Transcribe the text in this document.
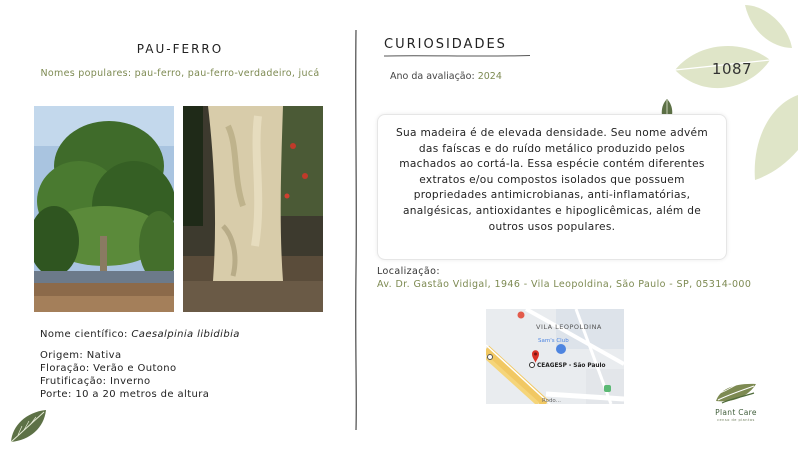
PAU-FERRO
Nomes populares: pau-ferro, pau-ferro-verdadeiro, jucá
Nome científico: Caesalpinia libidibia
Origem: Nativa
Floração: Verão e Outono
Frutificação: Inverno
Porte: 10 a 20 metros de altura
CURIOSIDADES
Ano da avaliação: 2024	1087

Sua madeira é de elevada densidade. Seu nome advém das faíscas e do ruído metálico produzido pelos machados ao cortá-la. Essa espécie contém diferentes extratos e/ou compostos isolados que possuem propriedades antimicrobianas, anti-inflamatórias, analgésicas, antioxidantes e hipoglicêmicas, além de outros usos populares.

Localização:
Av. Dr. Gastão Vidigal, 1946 - Vila Leopoldina, São Paulo - SP, 05314-000
VILA LEOPOLDINA
Sam's Club
CEAGESP - São Paulo
Rodo...
Plant Care
censo de plantas
